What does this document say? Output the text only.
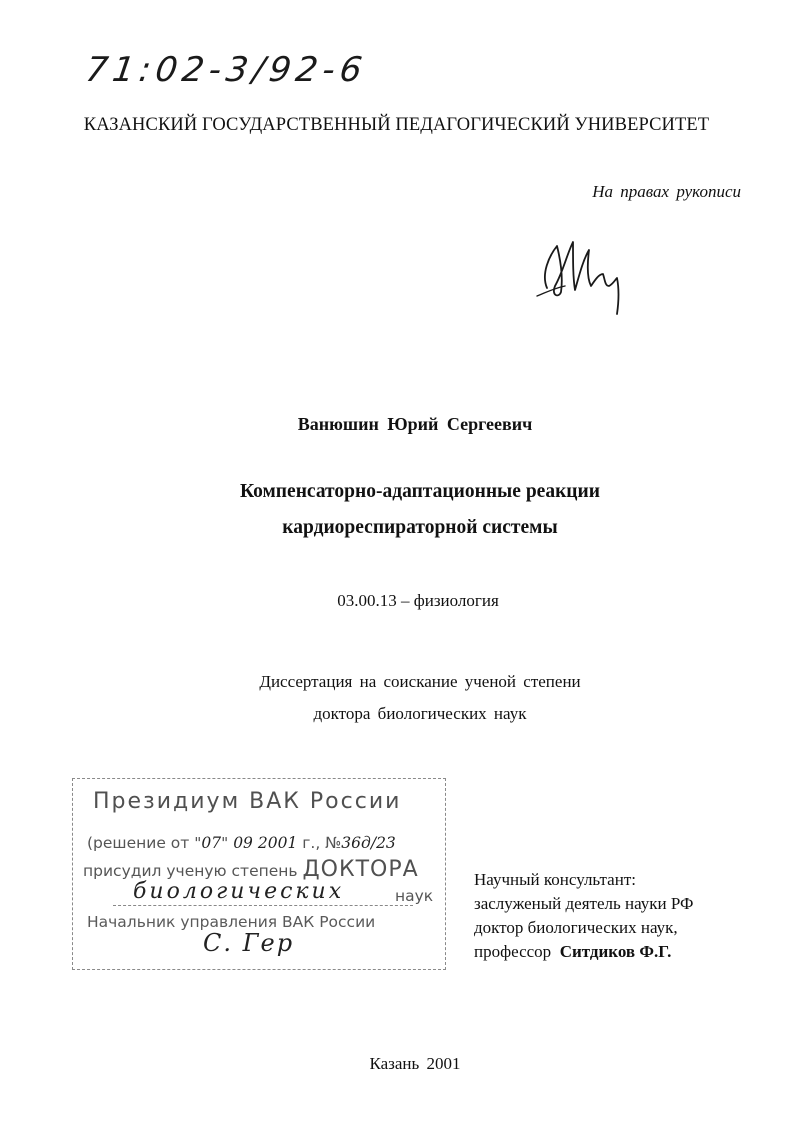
71:02-3/92-6
КАЗАНСКИЙ ГОСУДАРСТВЕННЫЙ ПЕДАГОГИЧЕСКИЙ УНИВЕРСИТЕТ
На правах рукописи
Ванюшин Юрий Сергеевич
Компенсаторно-адаптационные реакции
кардиореспираторной системы
03.00.13 – физиология
Диссертация на соискание ученой степени
доктора биологических наук
Президиум ВАК России
(решение от "07" 09 2001 г., №36д/23
присудил ученую степень ДОКТОРА
биологических	наук
Начальник управления ВАК России
С. Гер
Научный консультант:
заслуженый деятель науки РФ
доктор биологических наук,
профессор Ситдиков Ф.Г.
Казань 2001
